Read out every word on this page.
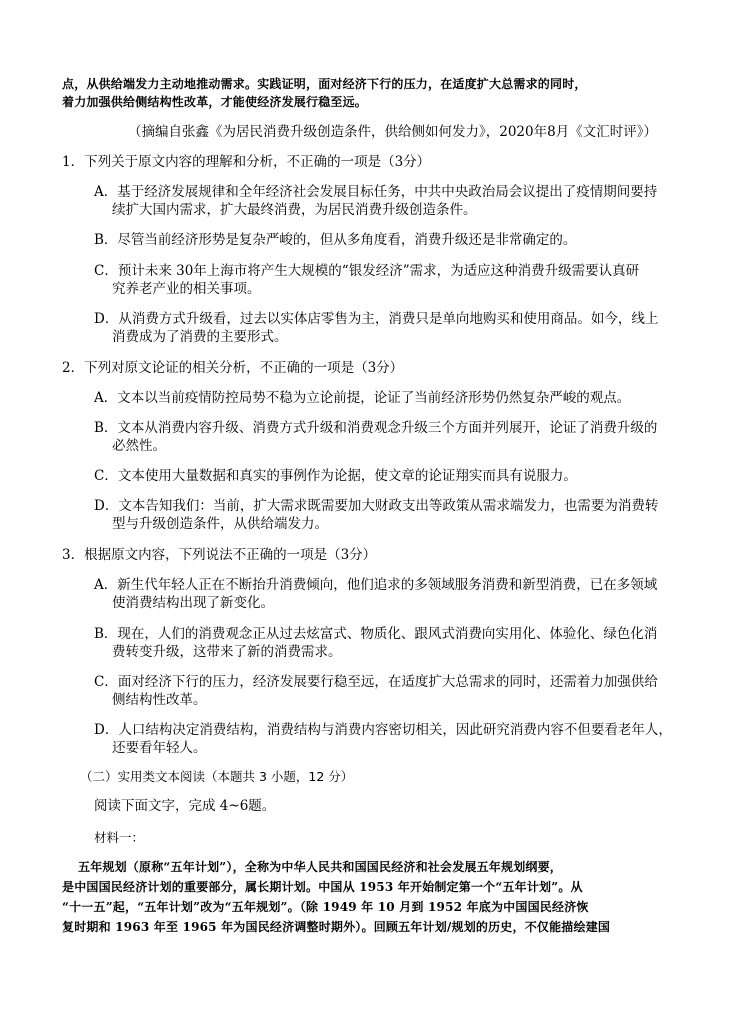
点，从供给端发力主动地推动需求。实践证明，面对经济下行的压力，在适度扩大总需求的同时，
着力加强供给侧结构性改革，才能使经济发展行稳至远。
（摘编自张鑫《为居民消费升级创造条件，供给侧如何发力》，2020年8月《文汇时评》）
1．下列关于原文内容的理解和分析，不正确的一项是（3分）
A．基于经济发展规律和全年经济社会发展目标任务，中共中央政治局会议提出了疫情期间要持
续扩大国内需求，扩大最终消费，为居民消费升级创造条件。
B．尽管当前经济形势是复杂严峻的，但从多角度看，消费升级还是非常确定的。
C．预计未来 30年上海市将产生大规模的“银发经济”需求，为适应这种消费升级需要认真研
究养老产业的相关事项。
D．从消费方式升级看，过去以实体店零售为主，消费只是单向地购买和使用商品。如今，线上
消费成为了消费的主要形式。
2．下列对原文论证的相关分析，不正确的一项是（3分）
A．文本以当前疫情防控局势不稳为立论前提，论证了当前经济形势仍然复杂严峻的观点。
B．文本从消费内容升级、消费方式升级和消费观念升级三个方面并列展开，论证了消费升级的
必然性。
C．文本使用大量数据和真实的事例作为论据，使文章的论证翔实而具有说服力。
D．文本告知我们：当前，扩大需求既需要加大财政支出等政策从需求端发力，也需要为消费转
型与升级创造条件，从供给端发力。
3．根据原文内容，下列说法不正确的一项是（3分）
A．新生代年轻人正在不断抬升消费倾向，他们追求的多领域服务消费和新型消费，已在多领域
使消费结构出现了新变化。
B．现在，人们的消费观念正从过去炫富式、物质化、跟风式消费向实用化、体验化、绿色化消
费转变升级，这带来了新的消费需求。
C．面对经济下行的压力，经济发展要行稳至远，在适度扩大总需求的同时，还需着力加强供给
侧结构性改革。
D．人口结构决定消费结构，消费结构与消费内容密切相关，因此研究消费内容不但要看老年人，
还要看年轻人。
（二）实用类文本阅读（本题共 3 小题，12 分）
阅读下面文字，完成 4~6题。
材料一：
五年规划（原称“五年计划”），全称为中华人民共和国国民经济和社会发展五年规划纲要，
是中国国民经济计划的重要部分，属长期计划。中国从 1953 年开始制定第一个“五年计划”。从
“十一五”起，“五年计划”改为“五年规划”。（除 1949 年 10 月到 1952 年底为中国国民经济恢
复时期和 1963 年至 1965 年为国民经济调整时期外）。回顾五年计划/规划的历史，不仅能描绘建国
